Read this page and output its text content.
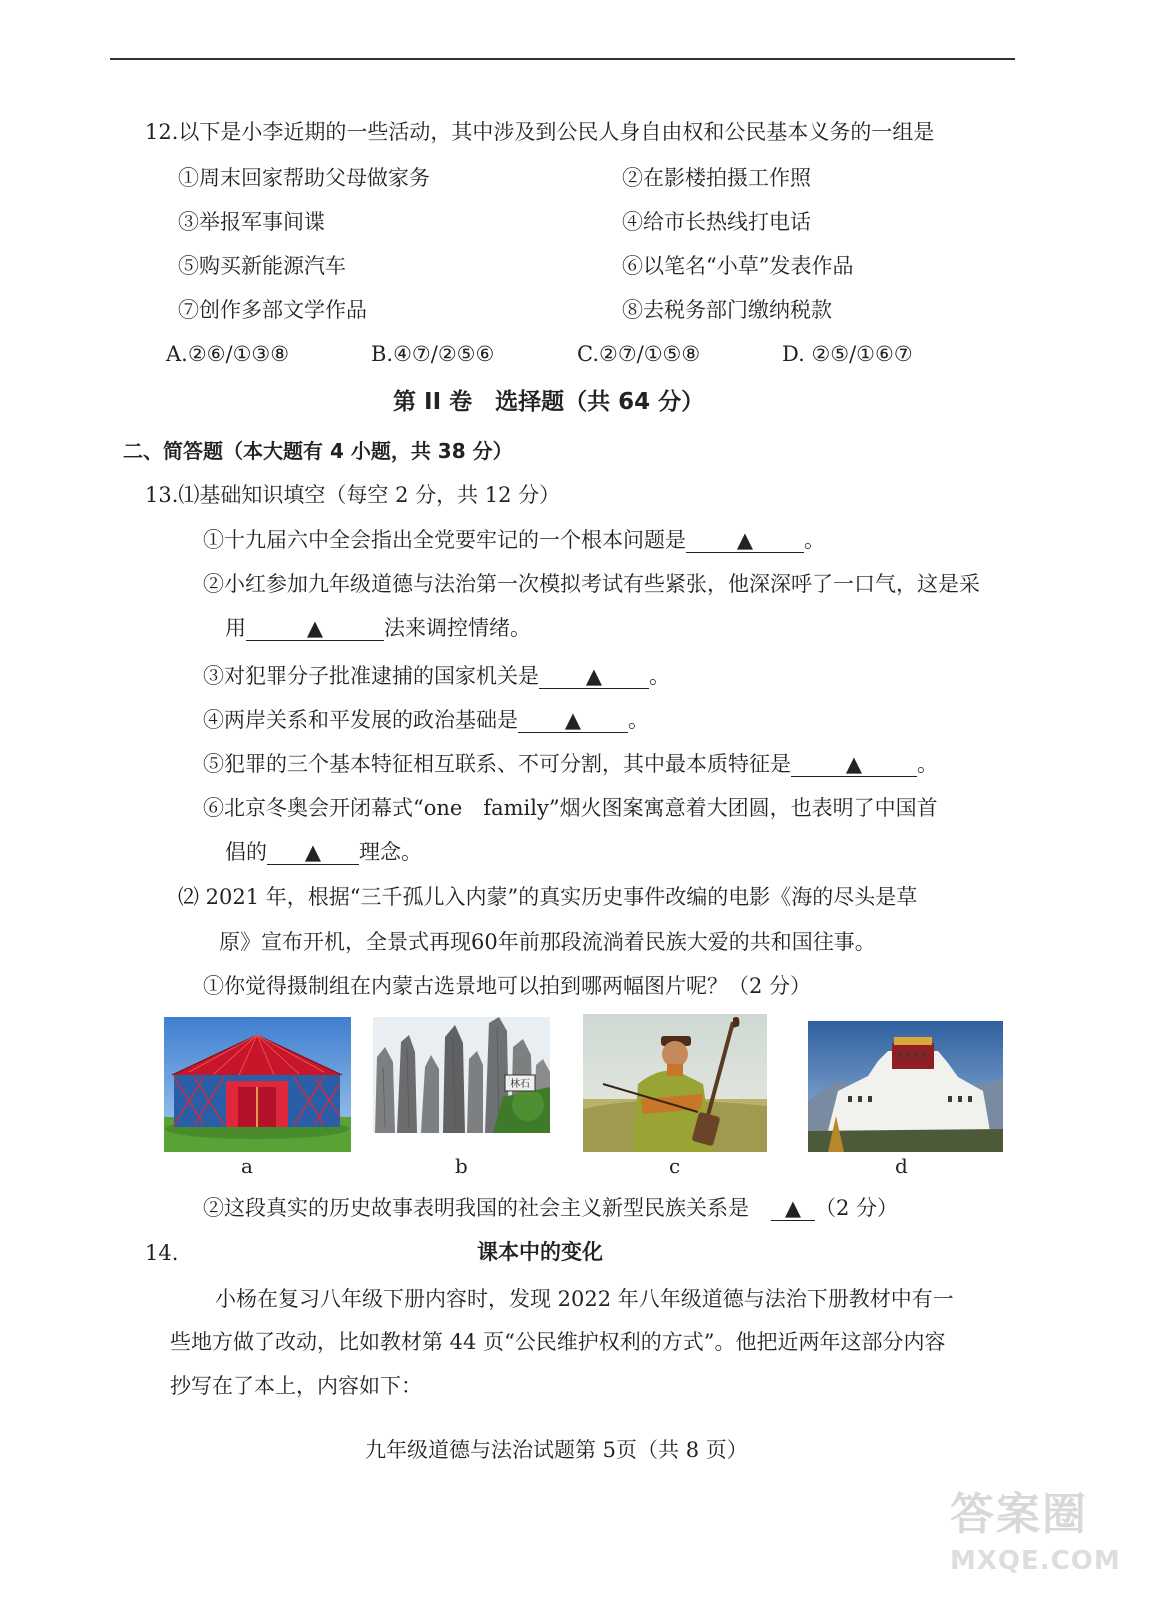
12.以下是小李近期的一些活动，其中涉及到公民人身自由权和公民基本义务的一组是
①周末回家帮助父母做家务	②在影楼拍摄工作照
③举报军事间谍	④给市长热线打电话
⑤购买新能源汽车	⑥以笔名“小草”发表作品
⑦创作多部文学作品	⑧去税务部门缴纳税款
A.②⑥/①③⑧	B.④⑦/②⑤⑥	C.②⑦/①⑤⑧	D. ②⑤/①⑥⑦
第 II 卷　选择题（共 64 分）
二、简答题（本大题有 4 小题，共 38 分）
13.⑴基础知识填空（每空 2 分，共 12 分）
①十九届六中全会指出全党要牢记的一个根本问题是 ▲ 。
②小红参加九年级道德与法治第一次模拟考试有些紧张，他深深呼了一口气，这是采
用	▲	法来调控情绪。
③对犯罪分子批准逮捕的国家机关是 ▲ 。
④两岸关系和平发展的政治基础是 ▲ 。
⑤犯罪的三个基本特征相互联系、不可分割，其中最本质特征是	▲	。
⑥北京冬奥会开闭幕式“one　family”烟火图案寓意着大团圆，也表明了中国首
倡的 ▲ 理念。
⑵ 2021 年，根据“三千孤儿入内蒙”的真实历史事件改编的电影《海的尽头是草
原》宣布开机，全景式再现60年前那段流淌着民族大爱的共和国往事。
①你觉得摄制组在内蒙古选景地可以拍到哪两幅图片呢？（2 分）
a
林石
b	c	d
②这段真实的历史故事表明我国的社会主义新型民族关系是 ▲ （2 分）
14.	课本中的变化
小杨在复习八年级下册内容时，发现 2022 年八年级道德与法治下册教材中有一
些地方做了改动，比如教材第 44 页“公民维护权利的方式”。他把近两年这部分内容
抄写在了本上，内容如下：
九年级道德与法治试题第 5页（共 8 页）
答案圈
MXQE.COM
